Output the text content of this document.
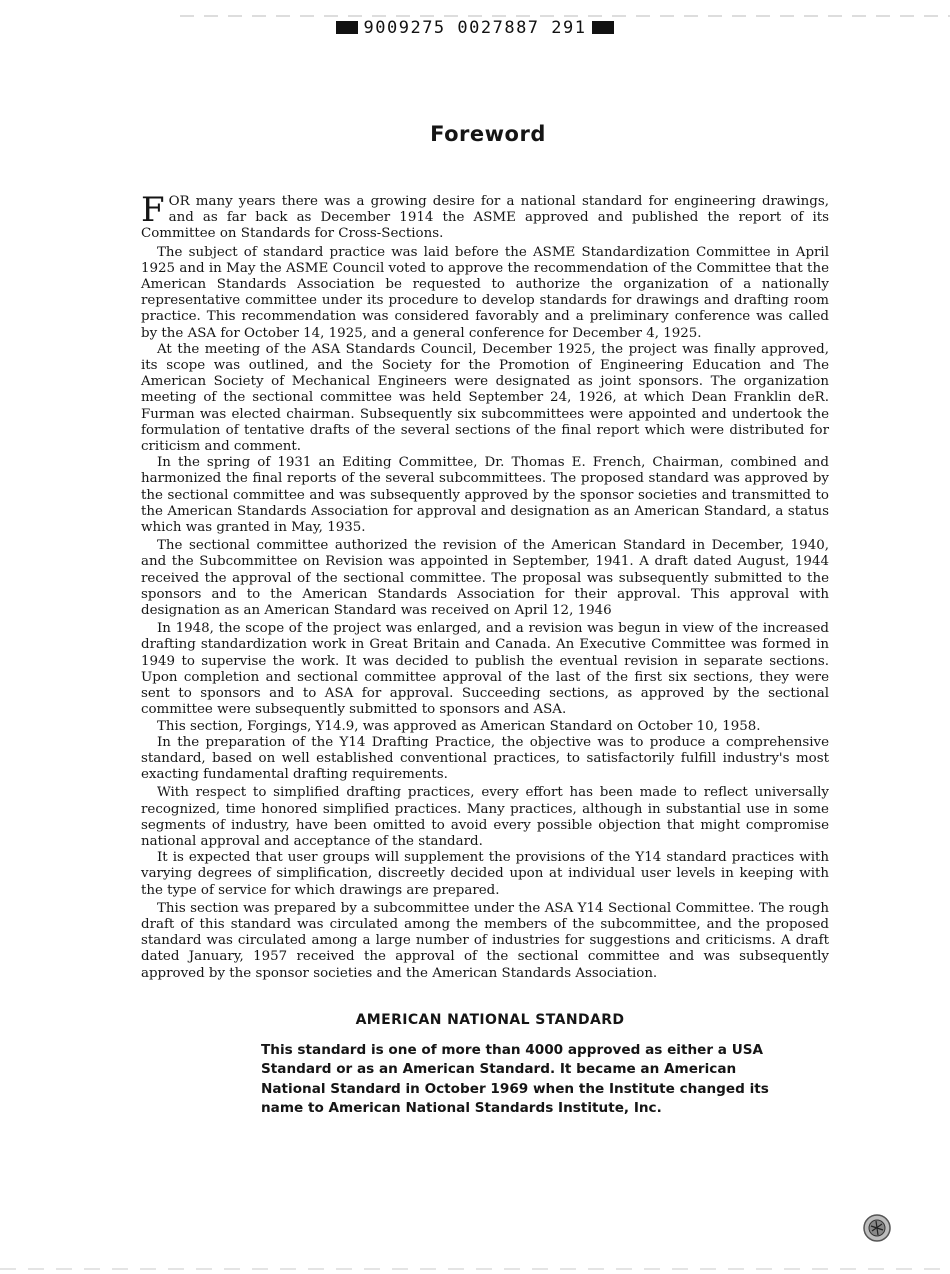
9009275 0027887 291
Foreword

FOR many years there was a growing desire for a national standard for engineering drawings, and as far back as December 1914 the ASME approved and published the report of its Committee on Standards for Cross-Sections.

The subject of standard practice was laid before the ASME Standardization Committee in April 1925 and in May the ASME Council voted to approve the recommendation of the Committee that the American Standards Association be requested to authorize the organization of a nationally representative committee under its procedure to develop standards for drawings and drafting room practice. This recommendation was considered favorably and a preliminary conference was called by the ASA for October 14, 1925, and a general conference for December 4, 1925.

At the meeting of the ASA Standards Council, December 1925, the project was finally approved, its scope was outlined, and the Society for the Promotion of Engineering Education and The American Society of Mechanical Engineers were designated as joint sponsors. The organization meeting of the sectional committee was held September 24, 1926, at which Dean Franklin deR. Furman was elected chairman. Subsequently six subcommittees were appointed and undertook the formulation of tentative drafts of the several sections of the final report which were distributed for criticism and comment.

In the spring of 1931 an Editing Committee, Dr. Thomas E. French, Chairman, combined and harmonized the final reports of the several subcommittees. The proposed standard was approved by the sectional committee and was subsequently approved by the sponsor societies and transmitted to the American Standards Association for approval and designation as an American Standard, a status which was granted in May, 1935.

The sectional committee authorized the revision of the American Standard in December, 1940, and the Subcommittee on Revision was appointed in September, 1941. A draft dated August, 1944 received the approval of the sectional committee. The proposal was subsequently submitted to the sponsors and to the American Standards Association for their approval. This approval with designation as an American Standard was received on April 12, 1946

In 1948, the scope of the project was enlarged, and a revision was begun in view of the increased drafting standardization work in Great Britain and Canada. An Executive Committee was formed in 1949 to supervise the work. It was decided to publish the eventual revision in separate sections. Upon completion and sectional committee approval of the last of the first six sections, they were sent to sponsors and to ASA for approval. Succeeding sections, as approved by the sectional committee were subsequently submitted to sponsors and ASA.

This section, Forgings, Y14.9, was approved as American Standard on October 10, 1958.

In the preparation of the Y14 Drafting Practice, the objective was to produce a comprehensive standard, based on well established conventional practices, to satisfactorily fulfill industry's most exacting fundamental drafting requirements.

With respect to simplified drafting practices, every effort has been made to reflect universally recognized, time honored simplified practices. Many practices, although in substantial use in some segments of industry, have been omitted to avoid every possible objection that might compromise national approval and acceptance of the standard.

It is expected that user groups will supplement the provisions of the Y14 standard practices with varying degrees of simplification, discreetly decided upon at individual user levels in keeping with the type of service for which drawings are prepared.

This section was prepared by a subcommittee under the ASA Y14 Sectional Committee. The rough draft of this standard was circulated among the members of the subcommittee, and the proposed standard was circulated among a large number of industries for suggestions and criticisms. A draft dated January, 1957 received the approval of the sectional committee and was subsequently approved by the sponsor societies and the American Standards Association.

AMERICAN NATIONAL STANDARD
This standard is one of more than 4000 approved as either a USA
Standard or as an American Standard. It became an American
National Standard in October 1969 when the Institute changed its
name to American National Standards Institute, Inc.
